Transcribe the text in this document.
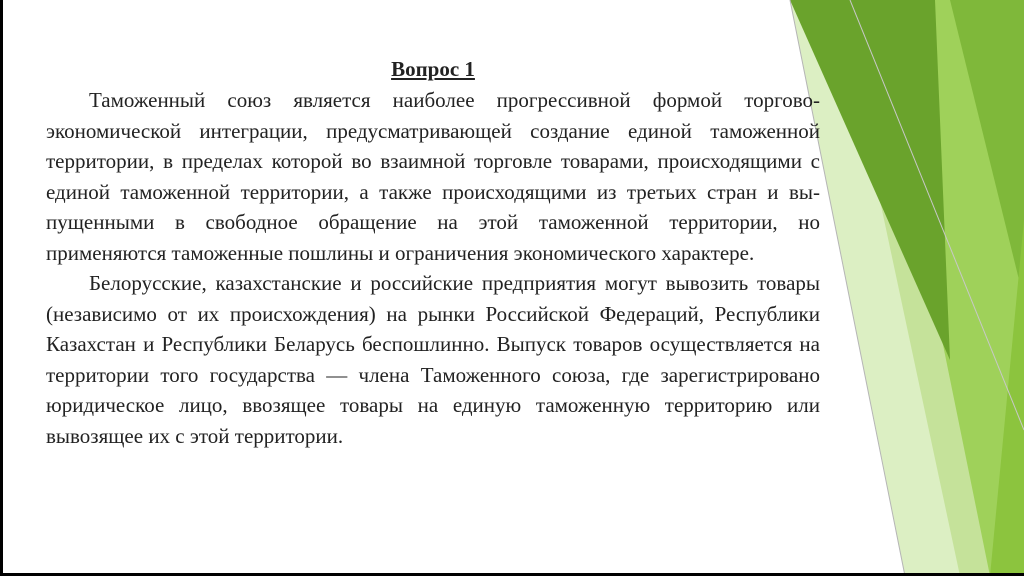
Вопрос 1

Таможенный союз является наиболее прогрессивной формой торгово-экономической интеграции, предусматривающей создание единой таможенной территории, в пределах которой во взаимной торговле товарами, происходящими с единой таможенной территории, а также происходящими из третьих стран и вы-пущенными в свободное обращение на этой таможенной территории, но применяются таможенные пошлины и ограничения экономического характере.

Белорусские, казахстанские и российские предприятия могут вывозить товары (независимо от их происхождения) на рынки Российской Федераций, Республики Казахстан и Республики Беларусь беспошлинно. Выпуск товаров осуществляется на территории того государства — члена Таможенного союза, где зарегистрировано юридическое лицо, ввозящее товары на единую таможенную территорию или вывозящее их с этой территории.
